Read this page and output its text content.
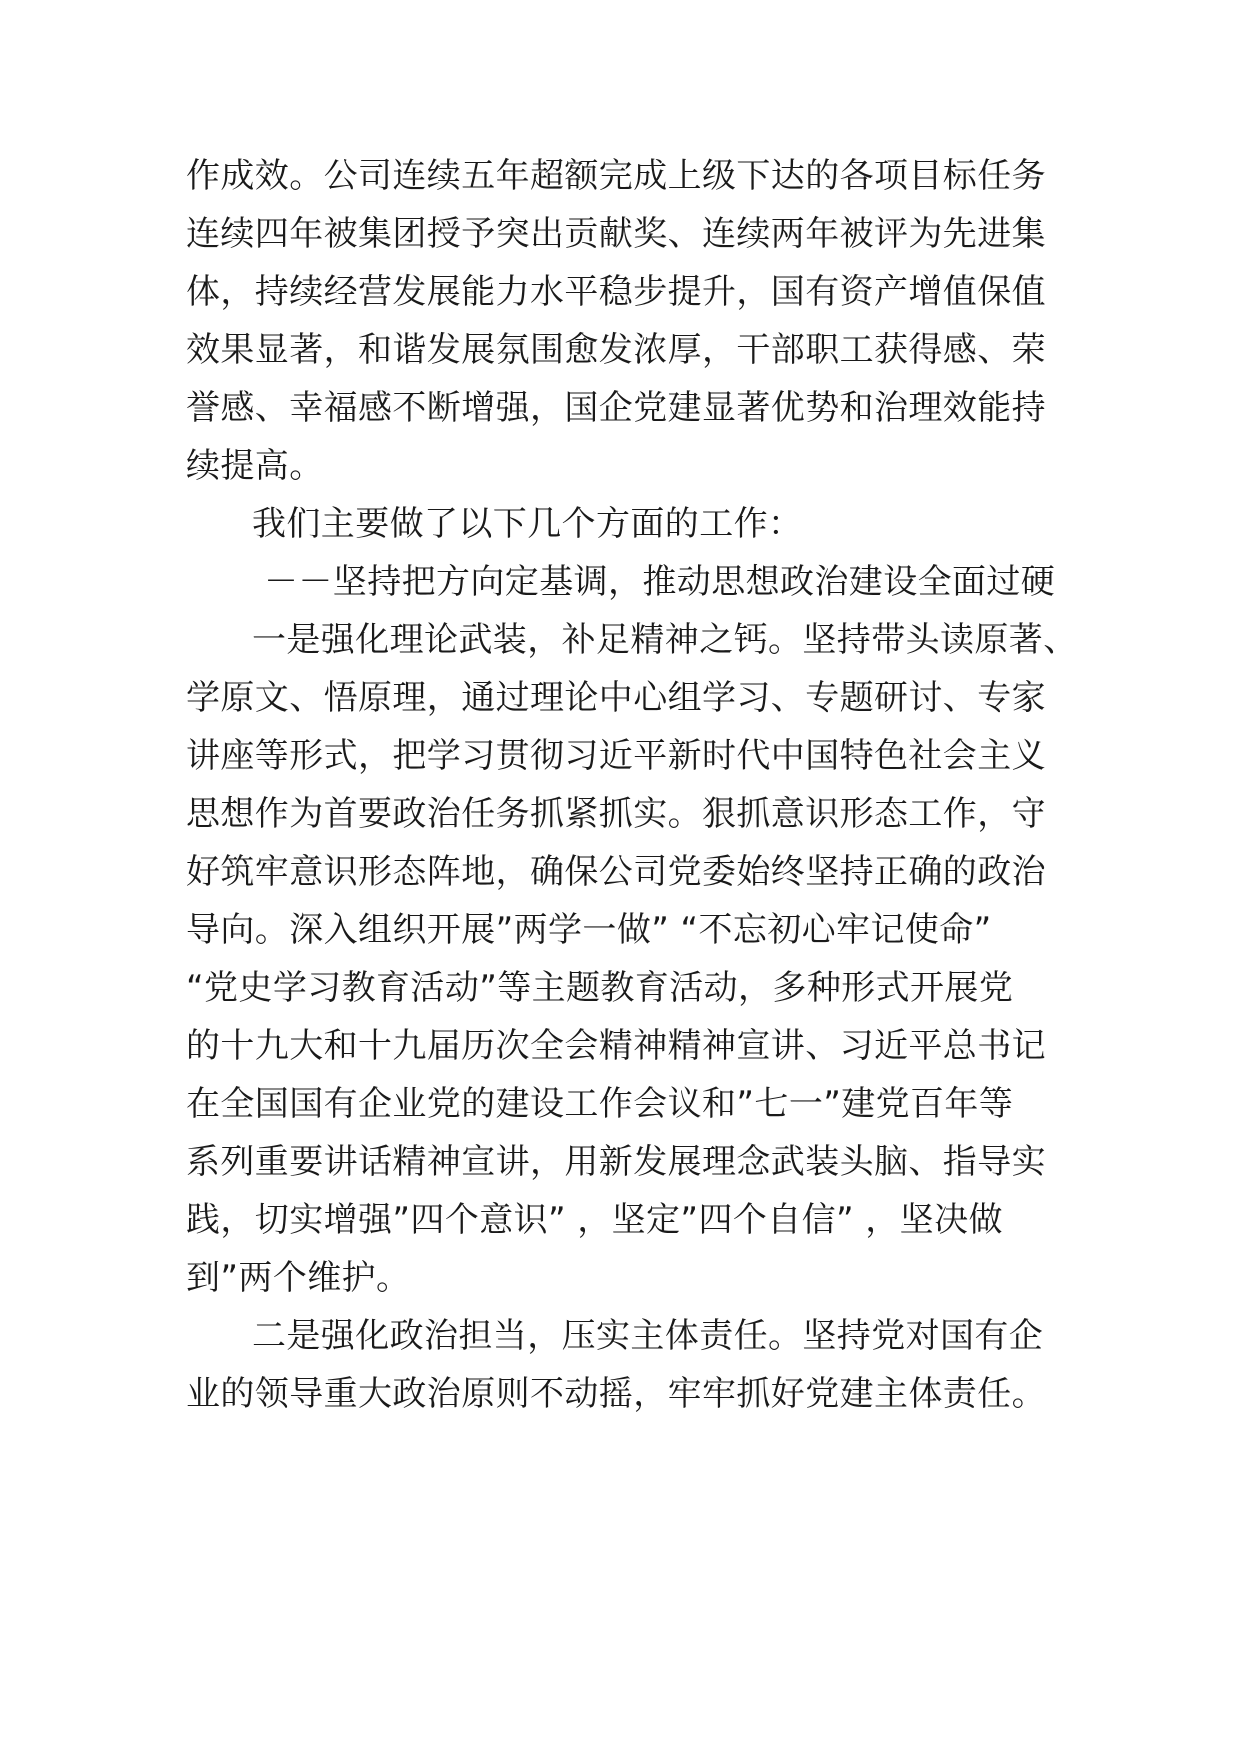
作成效。公司连续五年超额完成上级下达的各项目标任务
连续四年被集团授予突出贡献奖、连续两年被评为先进集
体，持续经营发展能力水平稳步提升，国有资产增值保值
效果显著，和谐发展氛围愈发浓厚，干部职工获得感、荣
誉感、幸福感不断增强，国企党建显著优势和治理效能持
续提高。
我们主要做了以下几个方面的工作：
－－坚持把方向定基调，推动思想政治建设全面过硬
一是强化理论武装，补足精神之钙。坚持带头读原著、
学原文、悟原理，通过理论中心组学习、专题研讨、专家
讲座等形式，把学习贯彻习近平新时代中国特色社会主义
思想作为首要政治任务抓紧抓实。狠抓意识形态工作，守
好筑牢意识形态阵地，确保公司党委始终坚持正确的政治
导向。深入组织开展”两学一做” “不忘初心牢记使命”
“党史学习教育活动”等主题教育活动，多种形式开展党
的十九大和十九届历次全会精神精神宣讲、习近平总书记
在全国国有企业党的建设工作会议和”七一”建党百年等
系列重要讲话精神宣讲，用新发展理念武装头脑、指导实
践，切实增强”四个意识” ，坚定”四个自信” ，坚决做
到”两个维护。
二是强化政治担当，压实主体责任。坚持党对国有企
业的领导重大政治原则不动摇，牢牢抓好党建主体责任。
